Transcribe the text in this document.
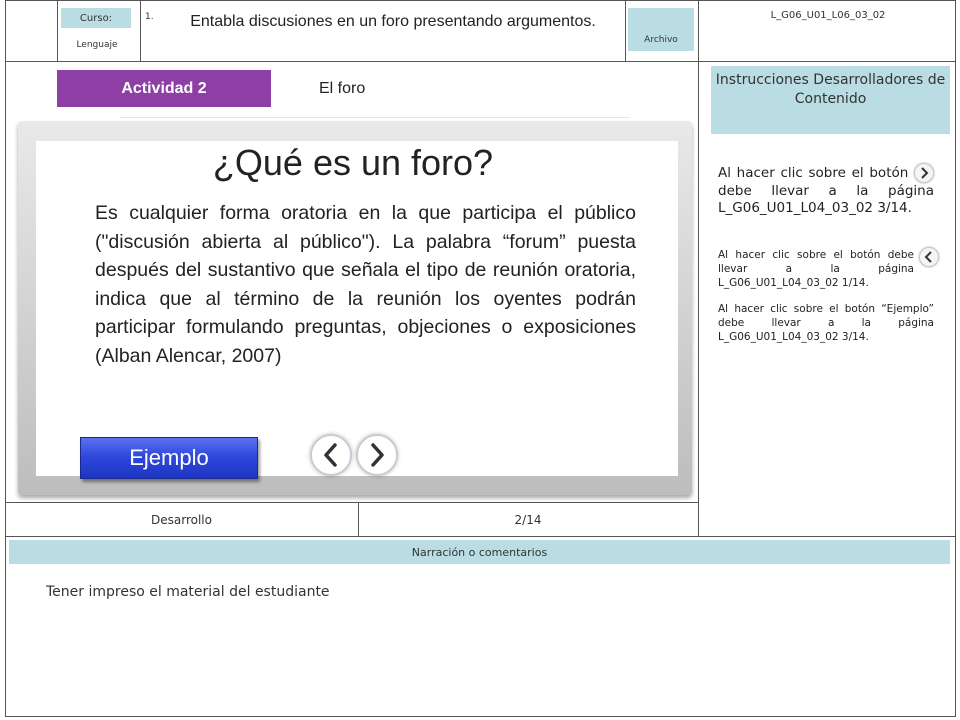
Curso:
Lenguaje
1.	Entabla discusiones en un foro presentando argumentos.
Archivo
L_G06_U01_L06_03_02
Actividad 2	El foro
¿Qué es un foro?
Es cualquier forma oratoria en la que participa el público ("discusión abierta al público"). La palabra “forum” puesta después del sustantivo que señala el tipo de reunión oratoria, indica que al término de la reunión los oyentes podrán participar formulando preguntas, objeciones o exposiciones (Alban Alencar, 2007)
Ejemplo
Instrucciones Desarrolladores de Contenido
Al hacer clic sobre el botón
debe llevar a la página L_G06_U01_L04_03_02 3/14.
Al hacer clic sobre el botón debe llevar a la página L_G06_U01_L04_03_02 1/14.
Al hacer clic sobre el botón “Ejemplo” debe llevar a la página L_G06_U01_L04_03_02 3/14.
Desarrollo	2/14
Narración o comentarios
Tener impreso el material del estudiante
